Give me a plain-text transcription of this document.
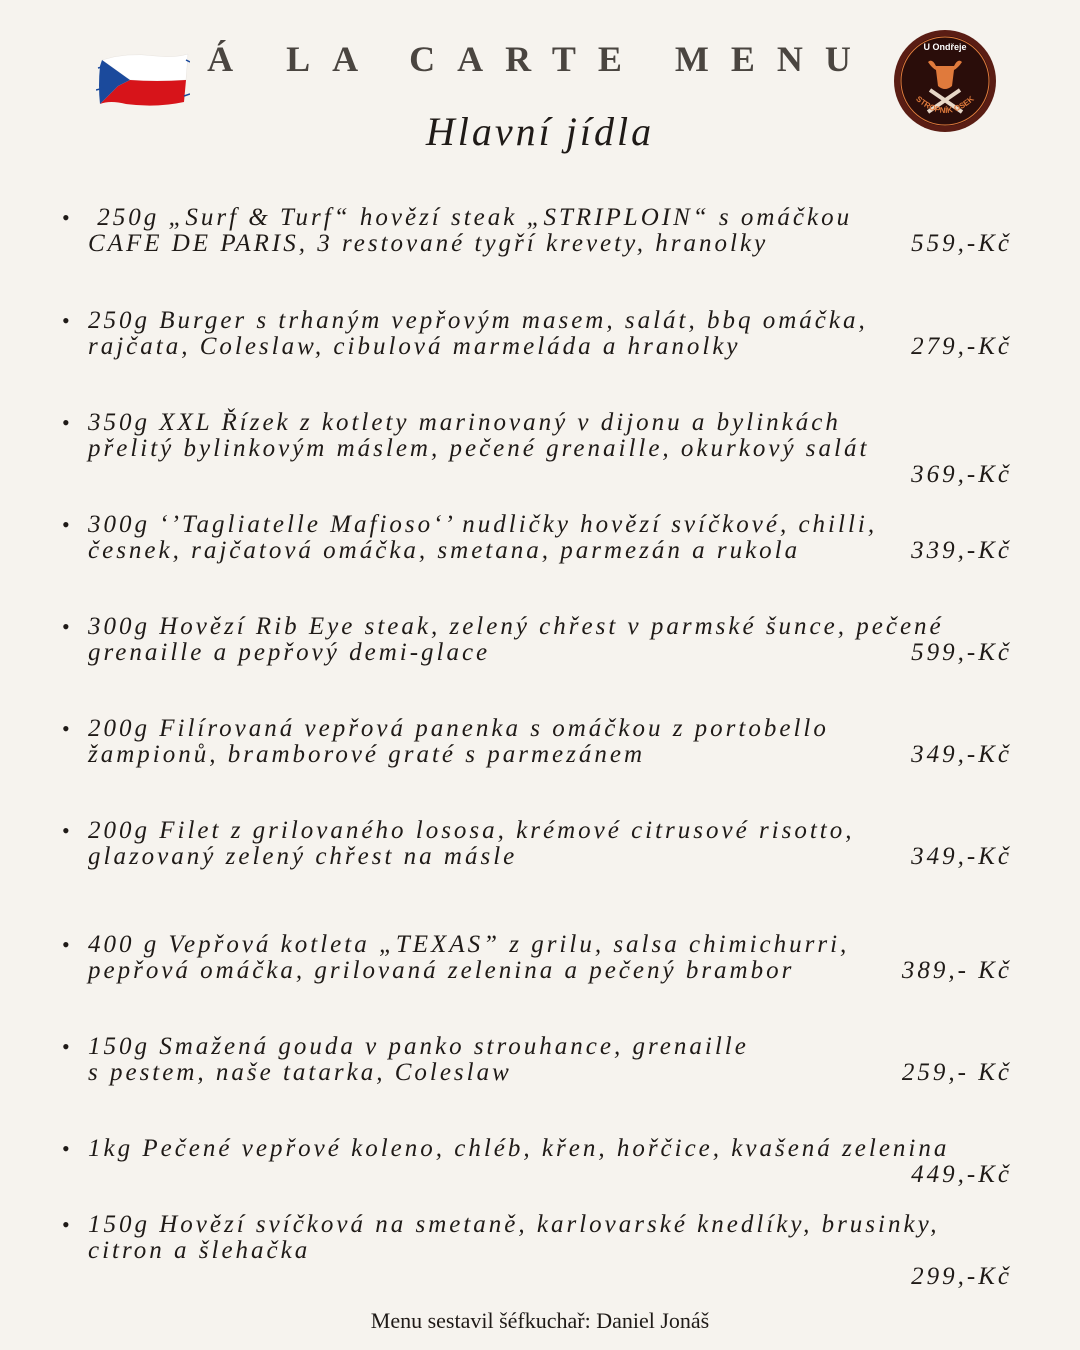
Á LA CARTE MENU
Hlavní jídla
U Ondřeje
STROPNÍK OSEK
• 250g „Surf & Turf“ hovězí steak „STRIPLOIN“ s omáčkou
CAFE DE PARIS, 3 restované tygří krevety, hranolky	559,-Kč
• 250g Burger s trhaným vepřovým masem, salát, bbq omáčka,
rajčata, Coleslaw, cibulová marmeláda a hranolky	279,-Kč
• 350g XXL Řízek z kotlety marinovaný v dijonu a bylinkách
přelitý bylinkovým máslem, pečené grenaille, okurkový salát
369,-Kč
• 300g ‘’Tagliatelle Mafioso‘’ nudličky hovězí svíčkové, chilli,
česnek, rajčatová omáčka, smetana, parmezán a rukola	339,-Kč
• 300g Hovězí Rib Eye steak, zelený chřest v parmské šunce, pečené
grenaille a pepřový demi-glace	599,-Kč
• 200g Filírovaná vepřová panenka s omáčkou z portobello
žampionů, bramborové graté s parmezánem	349,-Kč
• 200g Filet z grilovaného lososa, krémové citrusové risotto,
glazovaný zelený chřest na másle	349,-Kč
• 400 g Vepřová kotleta „TEXAS” z grilu, salsa chimichurri,
pepřová omáčka, grilovaná zelenina a pečený brambor	389,- Kč
• 150g Smažená gouda v panko strouhance, grenaille
s pestem, naše tatarka, Coleslaw	259,- Kč
• 1kg Pečené vepřové koleno, chléb, křen, hořčice, kvašená zelenina
449,-Kč
• 150g Hovězí svíčková na smetaně, karlovarské knedlíky, brusinky,
citron a šlehačka
299,-Kč
Menu sestavil šéfkuchař: Daniel Jonáš
